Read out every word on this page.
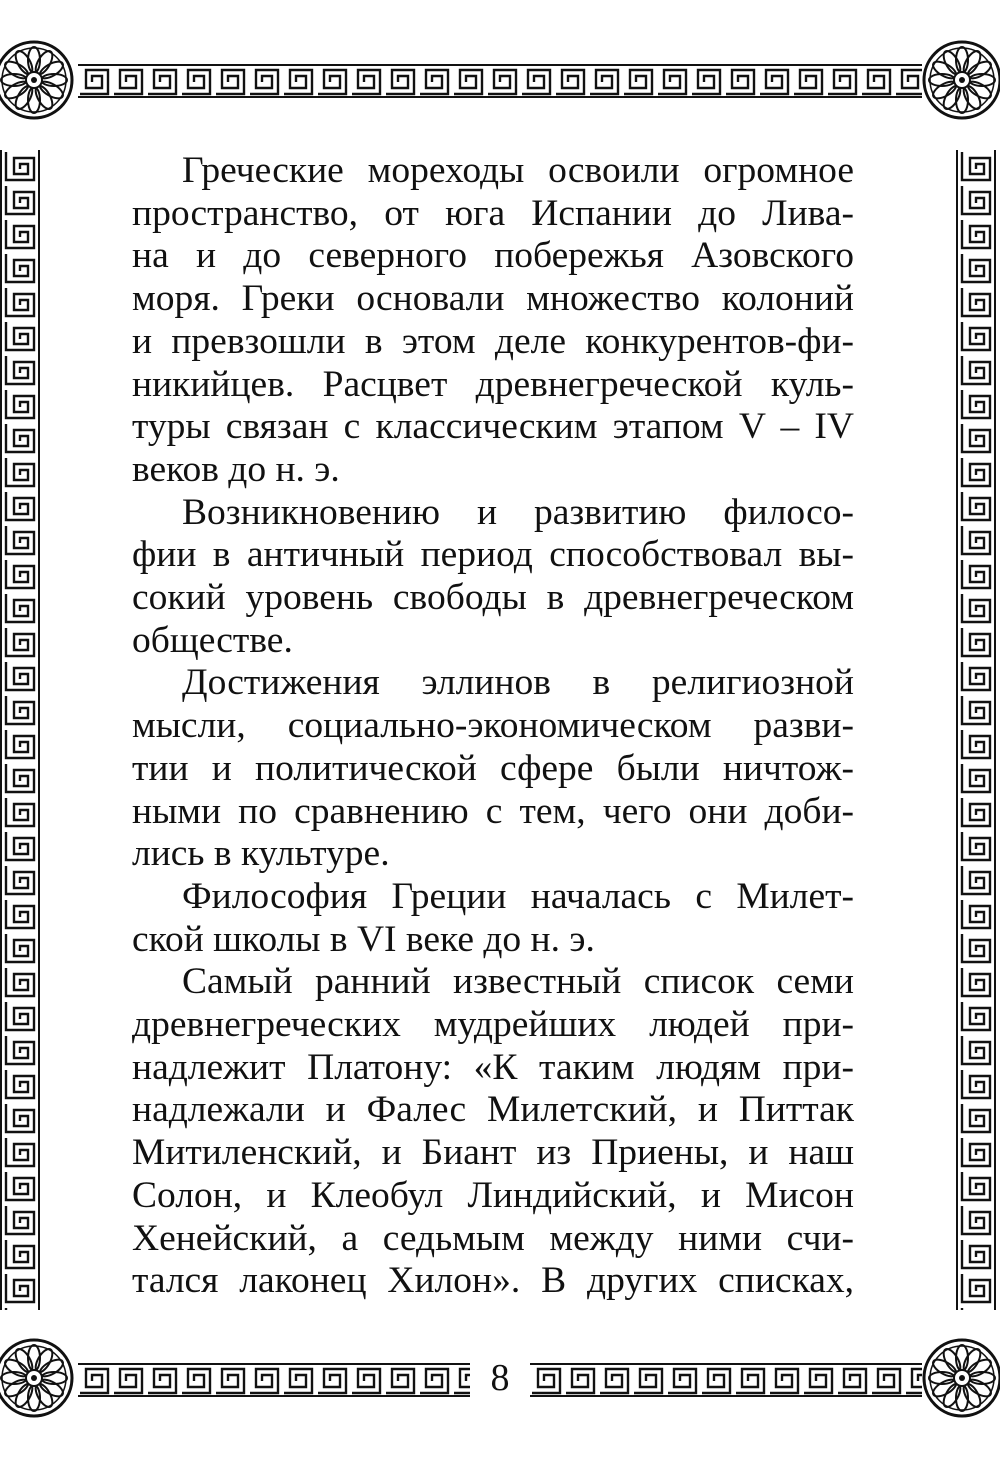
Греческие мореходы освоили огромное
пространство, от юга Испании до Лива-
на и до северного побережья Азовского
моря. Греки основали множество колоний
и превзошли в этом деле конкурентов-фи-
никийцев. Расцвет древнегреческой куль-
туры связан с классическим этапом V – IV
веков до н. э.

Возникновению и развитию филосо-
фии в античный период способствовал вы-
сокий уровень свободы в древнегреческом
обществе.

Достижения эллинов в религиозной
мысли, социально-экономическом разви-
тии и политической сфере были ничтож-
ными по сравнению с тем, чего они доби-
лись в культуре.

Философия Греции началась с Милет-
ской школы в VI веке до н. э.

Самый ранний известный список семи
древнегреческих мудрейших людей при-
надлежит Платону: «К таким людям при-
надлежали и Фалес Милетский, и Питтак
Митиленский, и Биант из Приены, и наш
Солон, и Клеобул Линдийский, и Мисон
Хенейский, а седьмым между ними счи-
тался лаконец Хилон». В других списках,

8
